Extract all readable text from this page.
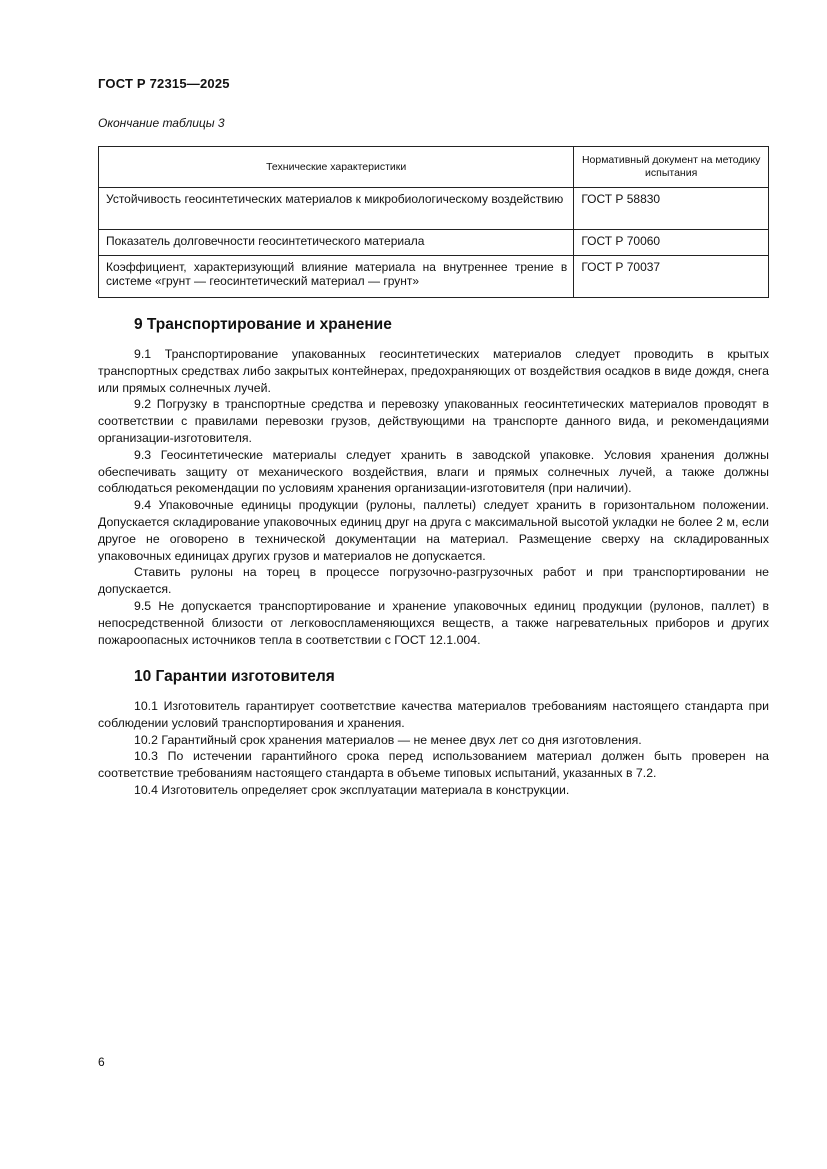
ГОСТ Р 72315—2025
Окончание таблицы 3
Технические характеристики	Нормативный документ на методику испытания
Устойчивость геосинтетических материалов к микробиологическому воздействию	ГОСТ Р 58830
Показатель долговечности геосинтетического материала	ГОСТ Р 70060
Коэффициент, характеризующий влияние материала на внутреннее трение в системе «грунт — геосинтетический материал — грунт»	ГОСТ Р 70037
9 Транспортирование и хранение

9.1 Транспортирование упакованных геосинтетических материалов следует проводить в крытых транспортных средствах либо закрытых контейнерах, предохраняющих от воздействия осадков в виде дождя, снега или прямых солнечных лучей.

9.2 Погрузку в транспортные средства и перевозку упакованных геосинтетических материалов проводят в соответствии с правилами перевозки грузов, действующими на транспорте данного вида, и рекомендациями организации-изготовителя.

9.3 Геосинтетические материалы следует хранить в заводской упаковке. Условия хранения должны обеспечивать защиту от механического воздействия, влаги и прямых солнечных лучей, а также должны соблюдаться рекомендации по условиям хранения организации-изготовителя (при наличии).

9.4 Упаковочные единицы продукции (рулоны, паллеты) следует хранить в горизонтальном положении. Допускается складирование упаковочных единиц друг на друга с максимальной высотой укладки не более 2 м, если другое не оговорено в технической документации на материал. Размещение сверху на складированных упаковочных единицах других грузов и материалов не допускается.

Ставить рулоны на торец в процессе погрузочно-разгрузочных работ и при транспортировании не допускается.

9.5 Не допускается транспортирование и хранение упаковочных единиц продукции (рулонов, паллет) в непосредственной близости от легковоспламеняющихся веществ, а также нагревательных приборов и других пожароопасных источников тепла в соответствии с ГОСТ 12.1.004.

10 Гарантии изготовителя

10.1 Изготовитель гарантирует соответствие качества материалов требованиям настоящего стандарта при соблюдении условий транспортирования и хранения.

10.2 Гарантийный срок хранения материалов — не менее двух лет со дня изготовления.

10.3 По истечении гарантийного срока перед использованием материал должен быть проверен на соответствие требованиям настоящего стандарта в объеме типовых испытаний, указанных в 7.2.

10.4 Изготовитель определяет срок эксплуатации материала в конструкции.

6
